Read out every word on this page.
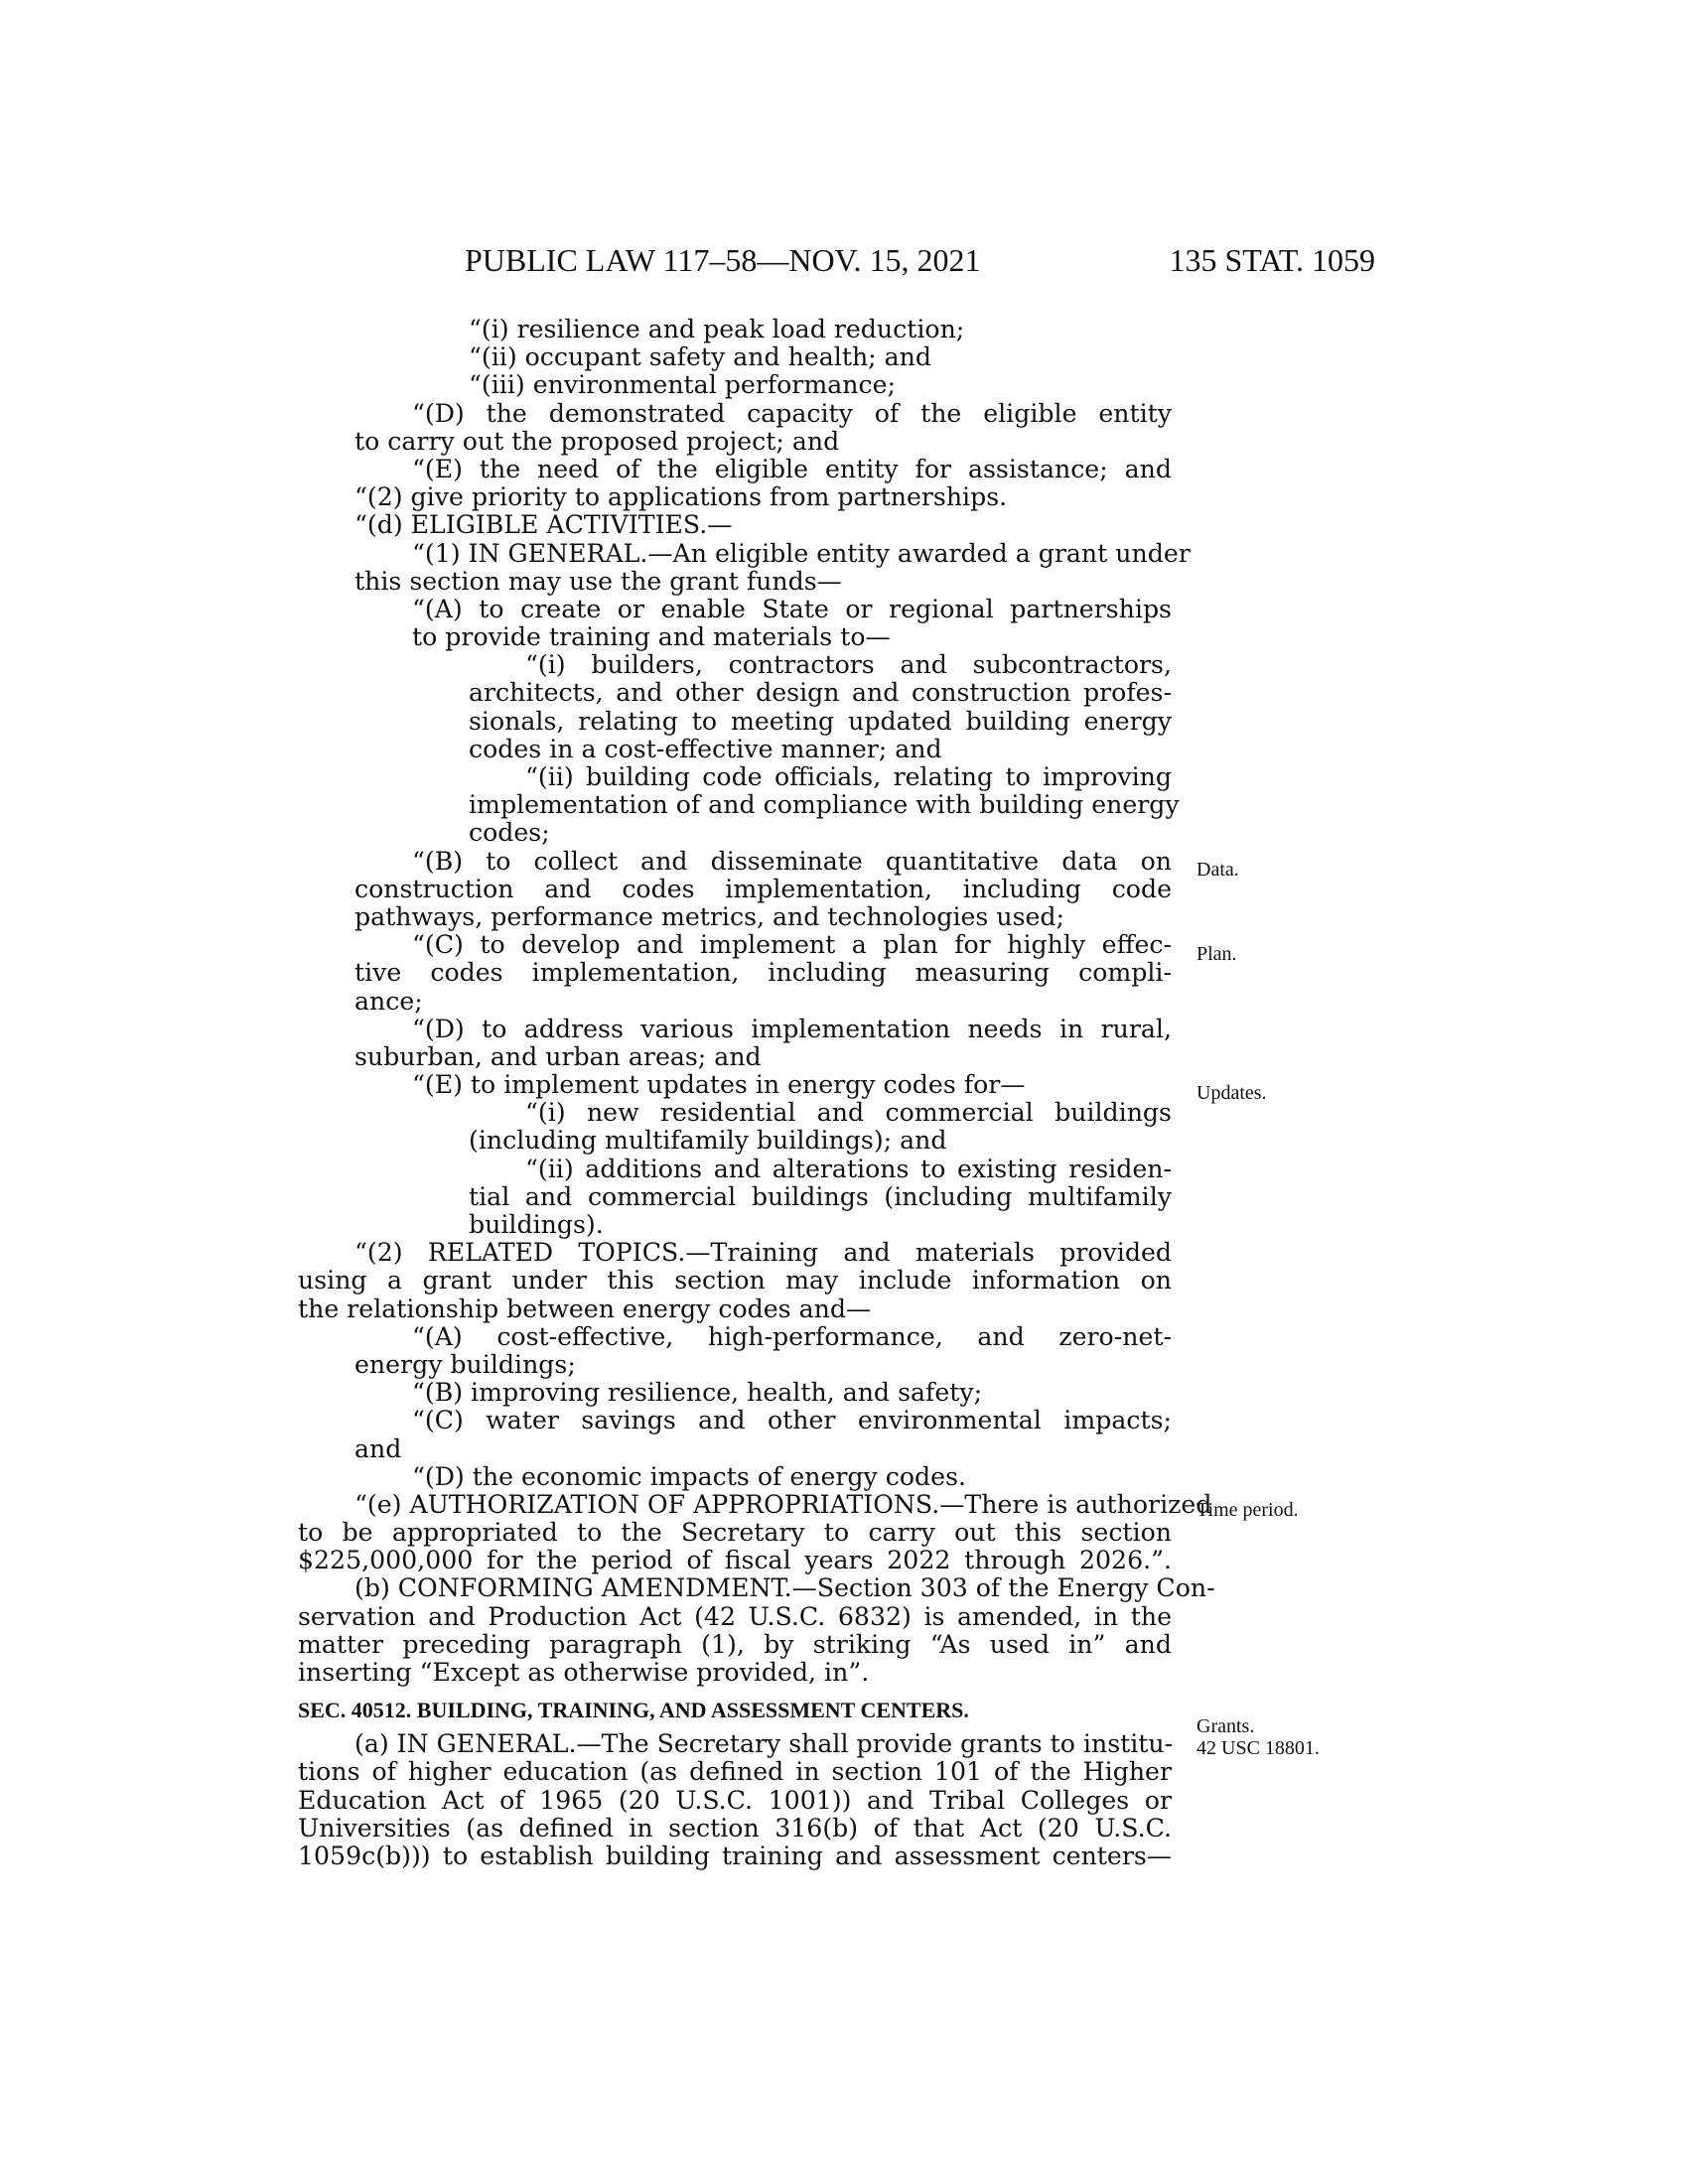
PUBLIC LAW 117–58—NOV. 15, 2021	135 STAT. 1059
“(i) resilience and peak load reduction;
“(ii) occupant safety and health; and
“(iii) environmental performance;
“(D) the demonstrated capacity of the eligible entity
to carry out the proposed project; and
“(E) the need of the eligible entity for assistance; and
“(2) give priority to applications from partnerships.
“(d) ELIGIBLE ACTIVITIES.—
“(1) IN GENERAL.—An eligible entity awarded a grant under
this section may use the grant funds—
“(A) to create or enable State or regional partnerships
to provide training and materials to—
“(i) builders, contractors and subcontractors,
architects, and other design and construction profes-
sionals, relating to meeting updated building energy
codes in a cost-effective manner; and
“(ii) building code officials, relating to improving
implementation of and compliance with building energy
codes;
“(B) to collect and disseminate quantitative data on
construction and codes implementation, including code
pathways, performance metrics, and technologies used;
“(C) to develop and implement a plan for highly effec-
tive codes implementation, including measuring compli-
ance;
“(D) to address various implementation needs in rural,
suburban, and urban areas; and
“(E) to implement updates in energy codes for—
“(i) new residential and commercial buildings
(including multifamily buildings); and
“(ii) additions and alterations to existing residen-
tial and commercial buildings (including multifamily
buildings).
“(2) RELATED TOPICS.—Training and materials provided
using a grant under this section may include information on
the relationship between energy codes and—
“(A) cost-effective, high-performance, and zero-net-
energy buildings;
“(B) improving resilience, health, and safety;
“(C) water savings and other environmental impacts;
and
“(D) the economic impacts of energy codes.
“(e) AUTHORIZATION OF APPROPRIATIONS.—There is authorized
to be appropriated to the Secretary to carry out this section
$225,000,000 for the period of fiscal years 2022 through 2026.”.
(b) CONFORMING AMENDMENT.—Section 303 of the Energy Con-
servation and Production Act (42 U.S.C. 6832) is amended, in the
matter preceding paragraph (1), by striking “As used in” and
inserting “Except as otherwise provided, in”.
SEC. 40512. BUILDING, TRAINING, AND ASSESSMENT CENTERS.
(a) IN GENERAL.—The Secretary shall provide grants to institu-
tions of higher education (as defined in section 101 of the Higher
Education Act of 1965 (20 U.S.C. 1001)) and Tribal Colleges or
Universities (as defined in section 316(b) of that Act (20 U.S.C.
1059c(b))) to establish building training and assessment centers—
Data.
Plan.
Updates.
Time period.
Grants.
42 USC 18801.
